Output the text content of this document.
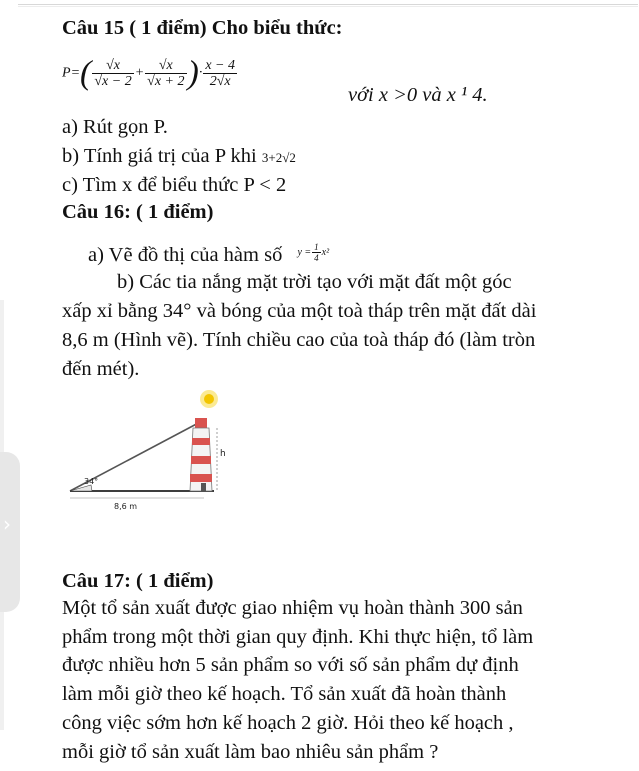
›
Câu 15 ( 1 điểm) Cho biểu thức:
$P=( \frac{√x}{√x - 2} + \frac{√x}{√x + 2}$ )· $\frac{x - 4}{2√x}$
với x >0 và x ¹ 4.
a) Rút gọn P.
b) Tính giá trị của P khi 3+2√2
c) Tìm x để biểu thức P < 2
Câu 16: ( 1 điểm)
a) Vẽ đồ thị của hàm số $^{y = \frac{1}{4} x^2}$
b) Các tia nắng mặt trời tạo với mặt đất một góc
xấp xỉ bằng 34° và bóng của một toà tháp trên mặt đất dài
8,6 m (Hình vẽ). Tính chiều cao của toà tháp đó (làm tròn
đến mét).
h
34°
8,6 m
Câu 17: ( 1 điểm)
Một tổ sản xuất được giao nhiệm vụ hoàn thành 300 sản
phẩm trong một thời gian quy định. Khi thực hiện, tổ làm
được nhiều hơn 5 sản phẩm so với số sản phẩm dự định
làm mỗi giờ theo kế hoạch. Tổ sản xuất đã hoàn thành
công việc sớm hơn kế hoạch 2 giờ. Hỏi theo kế hoạch ,
mỗi giờ tổ sản xuất làm bao nhiêu sản phẩm ?
